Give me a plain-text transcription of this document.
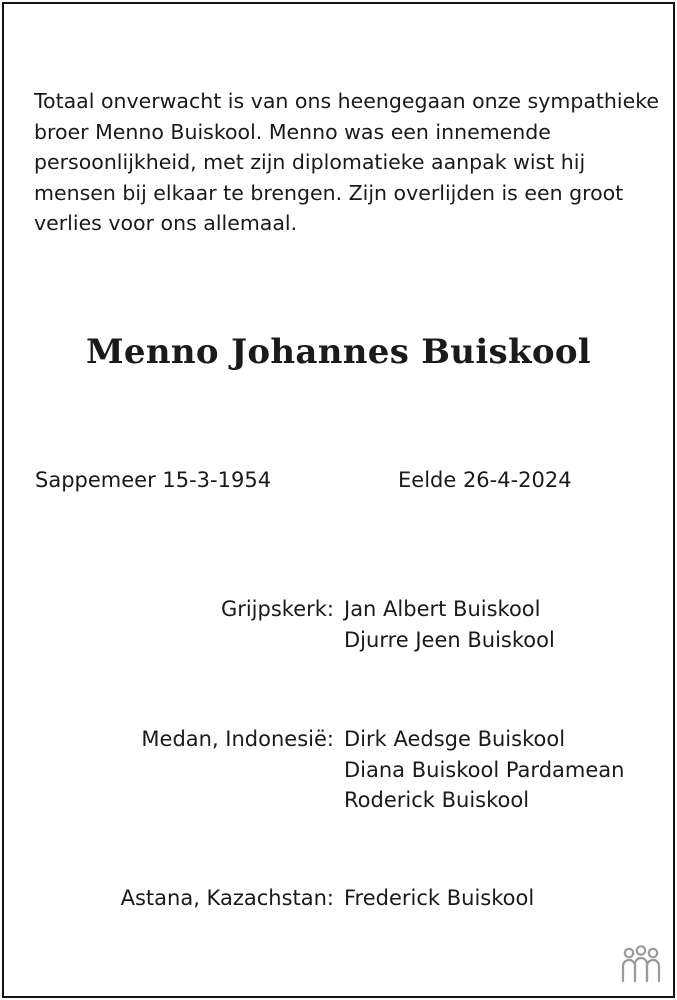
Totaal onverwacht is van ons heengegaan onze sympathieke
broer Menno Buiskool. Menno was een innemende
persoonlijkheid, met zijn diplomatieke aanpak wist hij
mensen bij elkaar te brengen. Zijn overlijden is een groot
verlies voor ons allemaal.

Menno Johannes Buiskool
Sappemeer 15-3-1954	Eelde 26-4-2024
Grijpskerk: Jan Albert Buiskool
Djurre Jeen Buiskool
Medan, Indonesië: Dirk Aedsge Buiskool
Diana Buiskool Pardamean
Roderick Buiskool
Astana, Kazachstan: Frederick Buiskool
